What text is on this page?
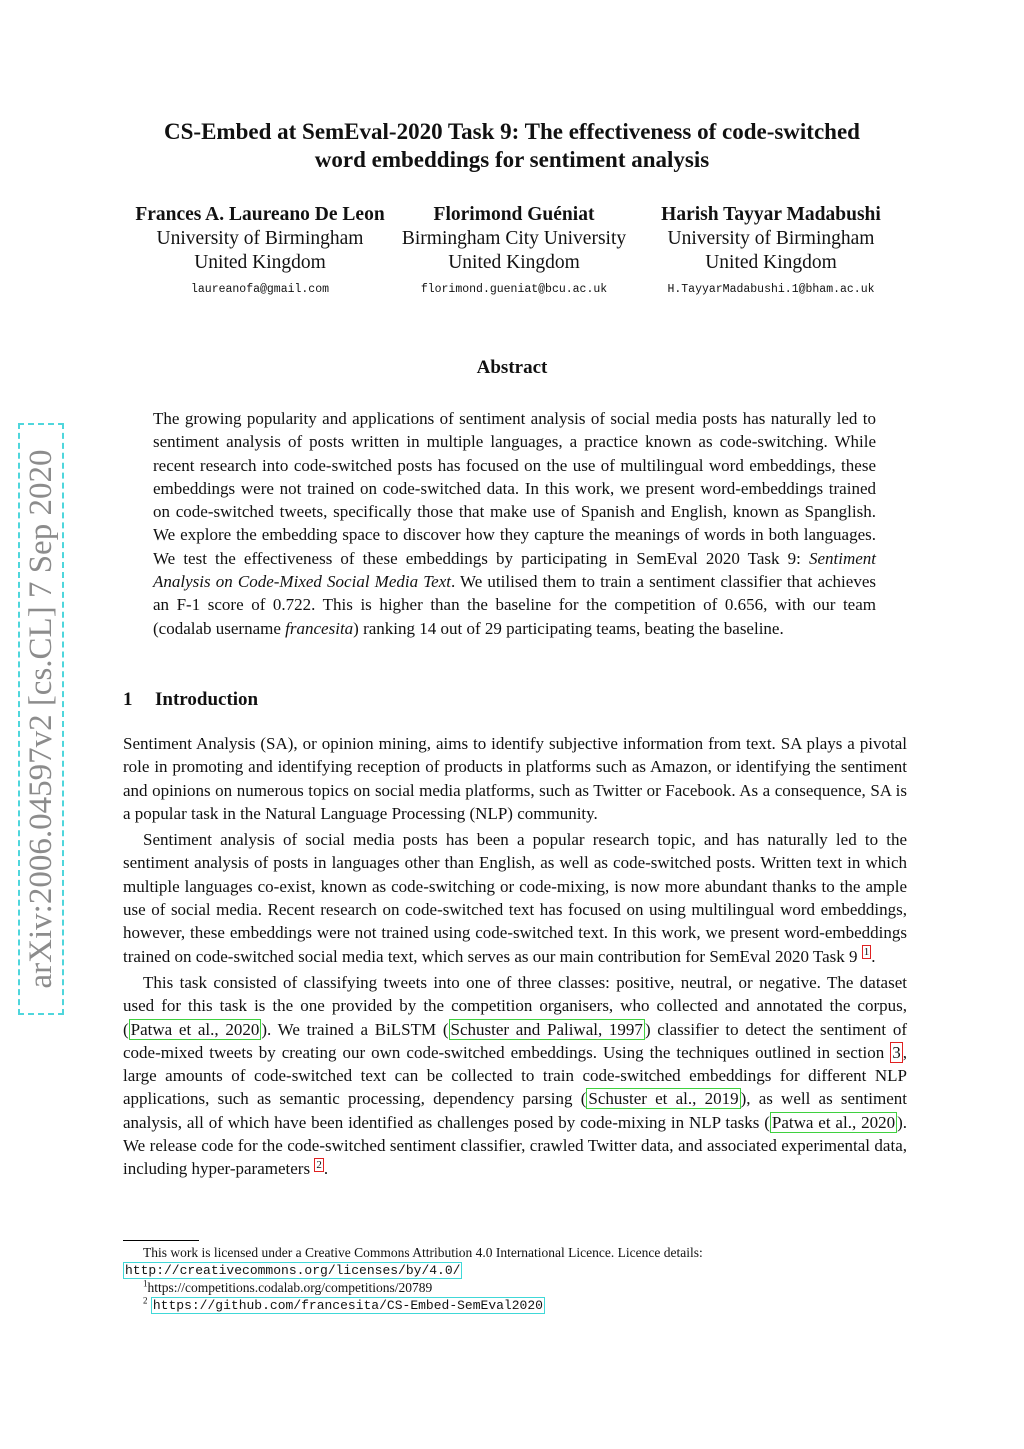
arXiv:2006.04597v2 [cs.CL] 7 Sep 2020
CS-Embed at SemEval-2020 Task 9: The effectiveness of code-switched
word embeddings for sentiment analysis
Frances A. Laureano De Leon
University of Birmingham
United Kingdom
laureanofa@gmail.com
Florimond Guéniat
Birmingham City University
United Kingdom
florimond.gueniat@bcu.ac.uk
Harish Tayyar Madabushi
University of Birmingham
United Kingdom
H.TayyarMadabushi.1@bham.ac.uk
Abstract

The growing popularity and applications of sentiment analysis of social media posts has naturally led to sentiment analysis of posts written in multiple languages, a practice known as code-switching. While recent research into code-switched posts has focused on the use of multilingual word embeddings, these embeddings were not trained on code-switched data. In this work, we present word-embeddings trained on code-switched tweets, specifically those that make use of Spanish and English, known as Spanglish. We explore the embedding space to discover how they capture the meanings of words in both languages. We test the effectiveness of these embeddings by participating in SemEval 2020 Task 9: Sentiment Analysis on Code-Mixed Social Media Text. We utilised them to train a sentiment classifier that achieves an F-1 score of 0.722. This is higher than the baseline for the competition of 0.656, with our team (codalab username francesita) ranking 14 out of 29 participating teams, beating the baseline.

1 Introduction

Sentiment Analysis (SA), or opinion mining, aims to identify subjective information from text. SA plays a pivotal role in promoting and identifying reception of products in platforms such as Amazon, or identifying the sentiment and opinions on numerous topics on social media platforms, such as Twitter or Facebook. As a consequence, SA is a popular task in the Natural Language Processing (NLP) community.

Sentiment analysis of social media posts has been a popular research topic, and has naturally led to the sentiment analysis of posts in languages other than English, as well as code-switched posts. Written text in which multiple languages co-exist, known as code-switching or code-mixing, is now more abundant thanks to the ample use of social media. Recent research on code-switched text has focused on using multilingual word embeddings, however, these embeddings were not trained using code-switched text. In this work, we present word-embeddings trained on code-switched social media text, which serves as our main contribution for SemEval 2020 Task 9 $^1$ .

This task consisted of classifying tweets into one of three classes: positive, neutral, or negative. The dataset used for this task is the one provided by the competition organisers, who collected and annotated the corpus, ( Patwa et al., 2020 ). We trained a BiLSTM ( Schuster and Paliwal, 1997 ) classifier to detect the sentiment of code-mixed tweets by creating our own code-switched embeddings. Using the techniques outlined in section 3 , large amounts of code-switched text can be collected to train code-switched embeddings for different NLP applications, such as semantic processing, dependency parsing ( Schuster et al., 2019 ), as well as sentiment analysis, all of which have been identified as challenges posed by code-mixing in NLP tasks ( Patwa et al., 2020 ). We release code for the code-switched sentiment classifier, crawled Twitter data, and associated experimental data, including hyper-parameters $^2$ .

This work is licensed under a Creative Commons Attribution 4.0 International Licence. Licence details:
http://creativecommons.org/licenses/by/4.0/
$^1$https://competitions.codalab.org/competitions/20789
$^2$ https://github.com/francesita/CS-Embed-SemEval2020
